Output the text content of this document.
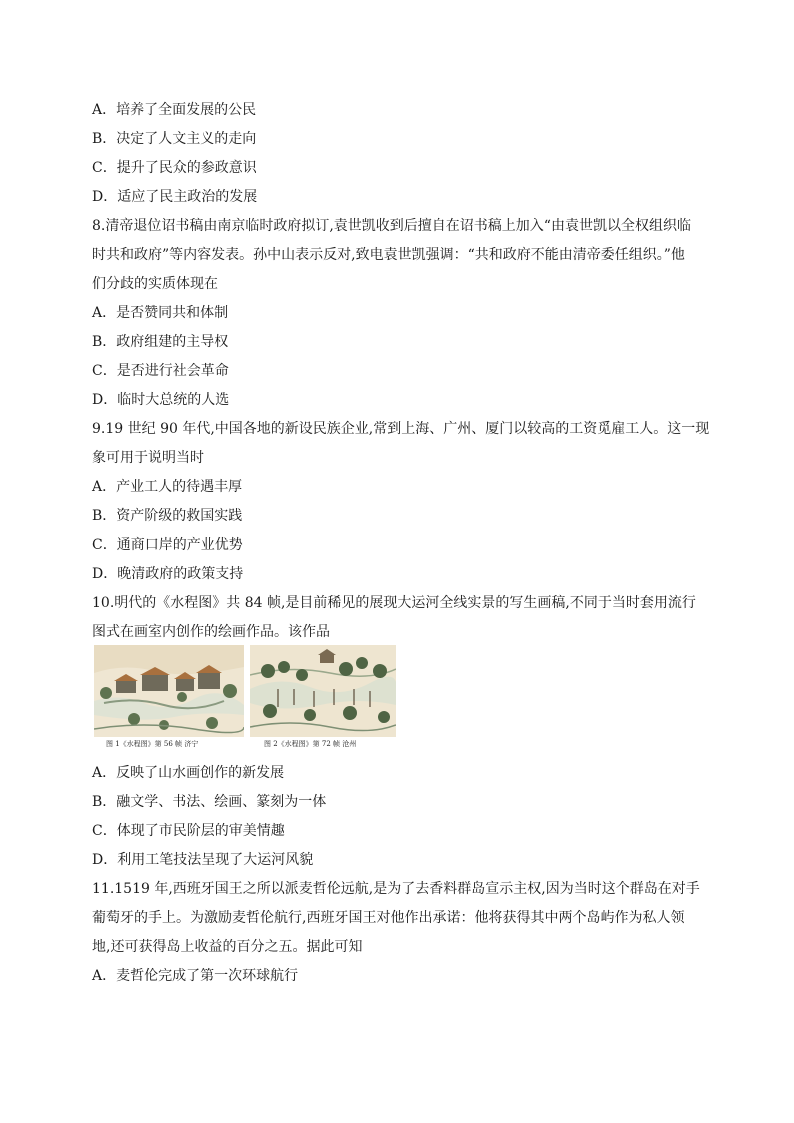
A．培养了全面发展的公民
B．决定了人文主义的走向
C．提升了民众的参政意识
D．适应了民主政治的发展
8.清帝退位诏书稿由南京临时政府拟订,袁世凯收到后擅自在诏书稿上加入“由袁世凯以全权组织临
时共和政府”等内容发表。孙中山表示反对,致电袁世凯强调：“共和政府不能由清帝委任组织。”他
们分歧的实质体现在
A．是否赞同共和体制
B．政府组建的主导权
C．是否进行社会革命
D．临时大总统的人选
9.19 世纪 90 年代,中国各地的新设民族企业,常到上海、广州、厦门以较高的工资觅雇工人。这一现
象可用于说明当时
A．产业工人的待遇丰厚
B．资产阶级的救国实践
C．通商口岸的产业优势
D．晚清政府的政策支持
10.明代的《水程图》共 84 帧,是目前稀见的展现大运河全线实景的写生画稿,不同于当时套用流行
图式在画室内创作的绘画作品。该作品
图 1《水程图》第 56 帧 济宁	图 2《水程图》第 72 帧 沧州
A．反映了山水画创作的新发展
B．融文学、书法、绘画、篆刻为一体
C．体现了市民阶层的审美情趣
D．利用工笔技法呈现了大运河风貌
11.1519 年,西班牙国王之所以派麦哲伦远航,是为了去香料群岛宣示主权,因为当时这个群岛在对手
葡萄牙的手上。为激励麦哲伦航行,西班牙国王对他作出承诺：他将获得其中两个岛屿作为私人领
地,还可获得岛上收益的百分之五。据此可知
A．麦哲伦完成了第一次环球航行
